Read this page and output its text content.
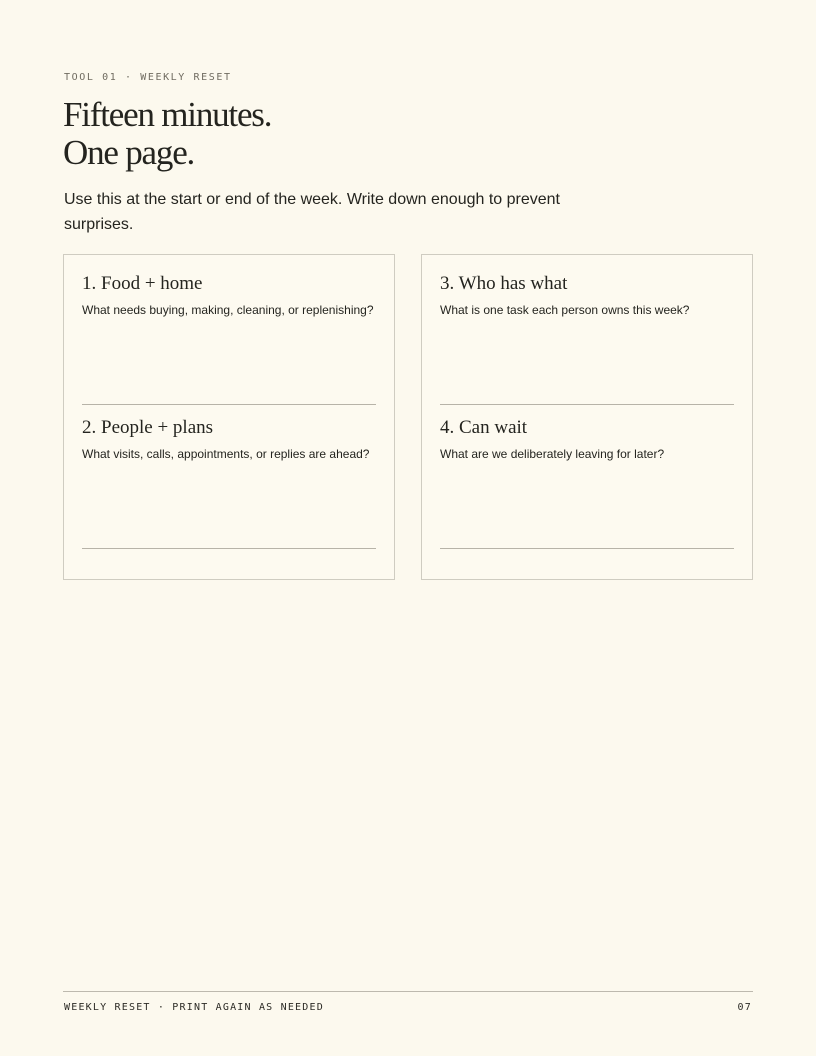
TOOL 01 · WEEKLY RESET
Fifteen minutes.
One page.

Use this at the start or end of the week. Write down enough to prevent surprises.

1. Food + home

What needs buying, making, cleaning, or replenishing?

2. People + plans

What visits, calls, appointments, or replies are ahead?

3. Who has what

What is one task each person owns this week?

4. Can wait

What are we deliberately leaving for later?

WEEKLY RESET · PRINT AGAIN AS NEEDED	07
